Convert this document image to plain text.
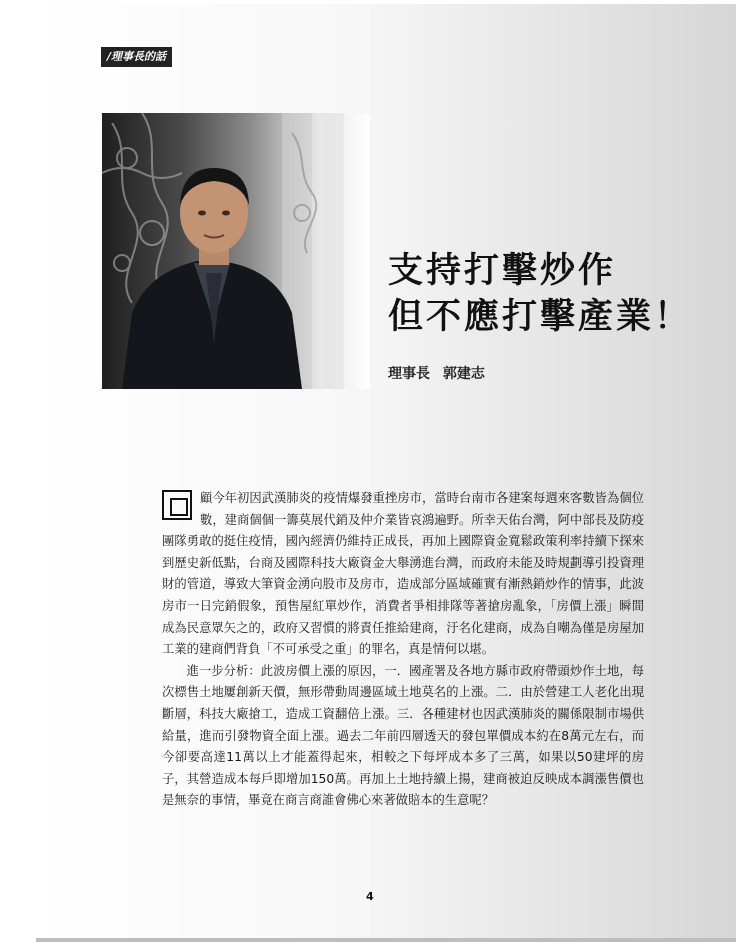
/理事長的話
支持打擊炒作
但不應打擊產業！
理事長 郭建志

顧今年初因武漢肺炎的疫情爆發重挫房市，當時台南市各建案每週來客數皆為個位數，建商個個一籌莫展代銷及仲介業皆哀鴻遍野。所幸天佑台灣，阿中部長及防疫團隊勇敢的挺住疫情，國內經濟仍維持正成長，再加上國際資金寬鬆政策利率持續下探來到歷史新低點，台商及國際科技大廠資金大舉湧進台灣，而政府未能及時規劃導引投資理財的管道，導致大筆資金湧向股市及房市，造成部分區域確實有漸熱銷炒作的情事，此波房市一日完銷假象，預售屋紅單炒作，消費者爭相排隊等著搶房亂象，「房價上漲」瞬間成為民意眾矢之的，政府又習慣的將責任推給建商，汙名化建商，成為自嘲為僅是房屋加工業的建商們背負「不可承受之重」的罪名，真是情何以堪。

進一步分析：此波房價上漲的原因，一．國產署及各地方縣市政府帶頭炒作土地，每次標售土地屢創新天價，無形帶動周邊區域土地莫名的上漲。二．由於營建工人老化出現斷層，科技大廠搶工，造成工資翻倍上漲。三．各種建材也因武漢肺炎的關係限制市場供給量，進而引發物資全面上漲。過去二年前四層透天的發包單價成本約在8萬元左右，而今卻要高達11萬以上才能蓋得起來，相較之下每坪成本多了三萬，如果以50建坪的房子，其營造成本每戶即增加150萬。再加上土地持續上揚，建商被迫反映成本調漲售價也是無奈的事情，畢竟在商言商誰會佛心來著做賠本的生意呢？

4
